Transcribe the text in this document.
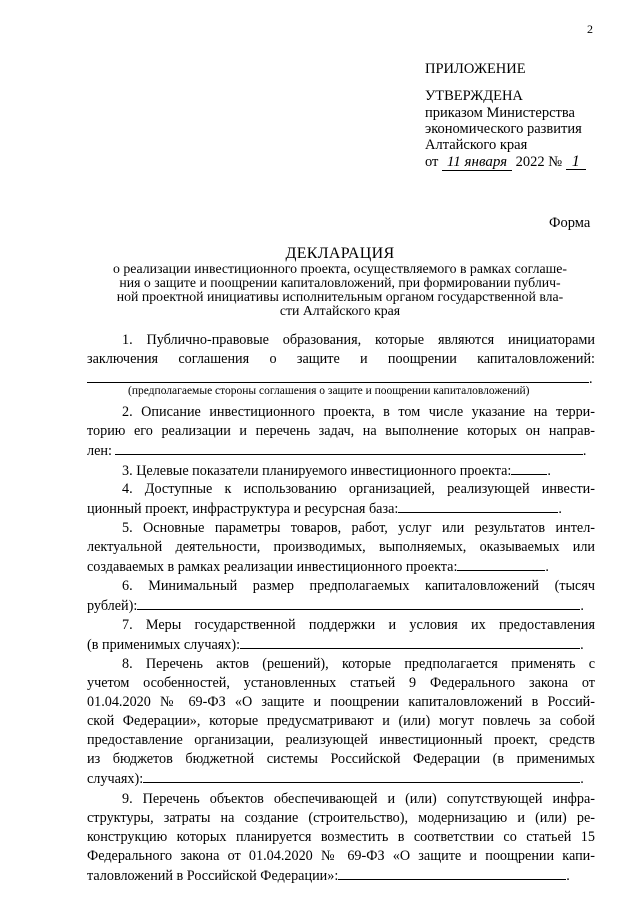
2
ПРИЛОЖЕНИЕ
УТВЕРЖДЕНА
приказом Министерства
экономического развития
Алтайского края
от 11 января 2022 № 1
Форма
ДЕКЛАРАЦИЯ
о реализации инвестиционного проекта, осуществляемого в рамках соглаше-
ния о защите и поощрении капиталовложений, при формировании публич-
ной проектной инициативы исполнительным органом государственной вла-
сти Алтайского края
1. Публично-правовые образования, которые являются инициаторами
заключения соглашения о защите и поощрении капиталовложений:
.
(предполагаемые стороны соглашения о защите и поощрении капиталовложений)
2. Описание инвестиционного проекта, в том числе указание на терри-
торию его реализации и перечень задач, на выполнение которых он направ-
лен:	.
3. Целевые показатели планируемого инвестиционного проекта:	.
4. Доступные к использованию организацией, реализующей инвести-
ционный проект, инфраструктура и ресурсная база:	.
5. Основные параметры товаров, работ, услуг или результатов интел-
лектуальной деятельности, производимых, выполняемых, оказываемых или
создаваемых в рамках реализации инвестиционного проекта:	.
6. Минимальный размер предполагаемых капиталовложений (тысяч
рублей):	.
7. Меры государственной поддержки и условия их предоставления
(в применимых случаях):	.
8. Перечень актов (решений), которые предполагается применять с
учетом особенностей, установленных статьей 9 Федерального закона от
01.04.2020 № 69-ФЗ «О защите и поощрении капиталовложений в Россий-
ской Федерации», которые предусматривают и (или) могут повлечь за собой
предоставление организации, реализующей инвестиционный проект, средств
из бюджетов бюджетной системы Российской Федерации (в применимых
случаях):	.
9. Перечень объектов обеспечивающей и (или) сопутствующей инфра-
структуры, затраты на создание (строительство), модернизацию и (или) ре-
конструкцию которых планируется возместить в соответствии со статьей 15
Федерального закона от 01.04.2020 № 69-ФЗ «О защите и поощрении капи-
таловложений в Российской Федерации»:	.
